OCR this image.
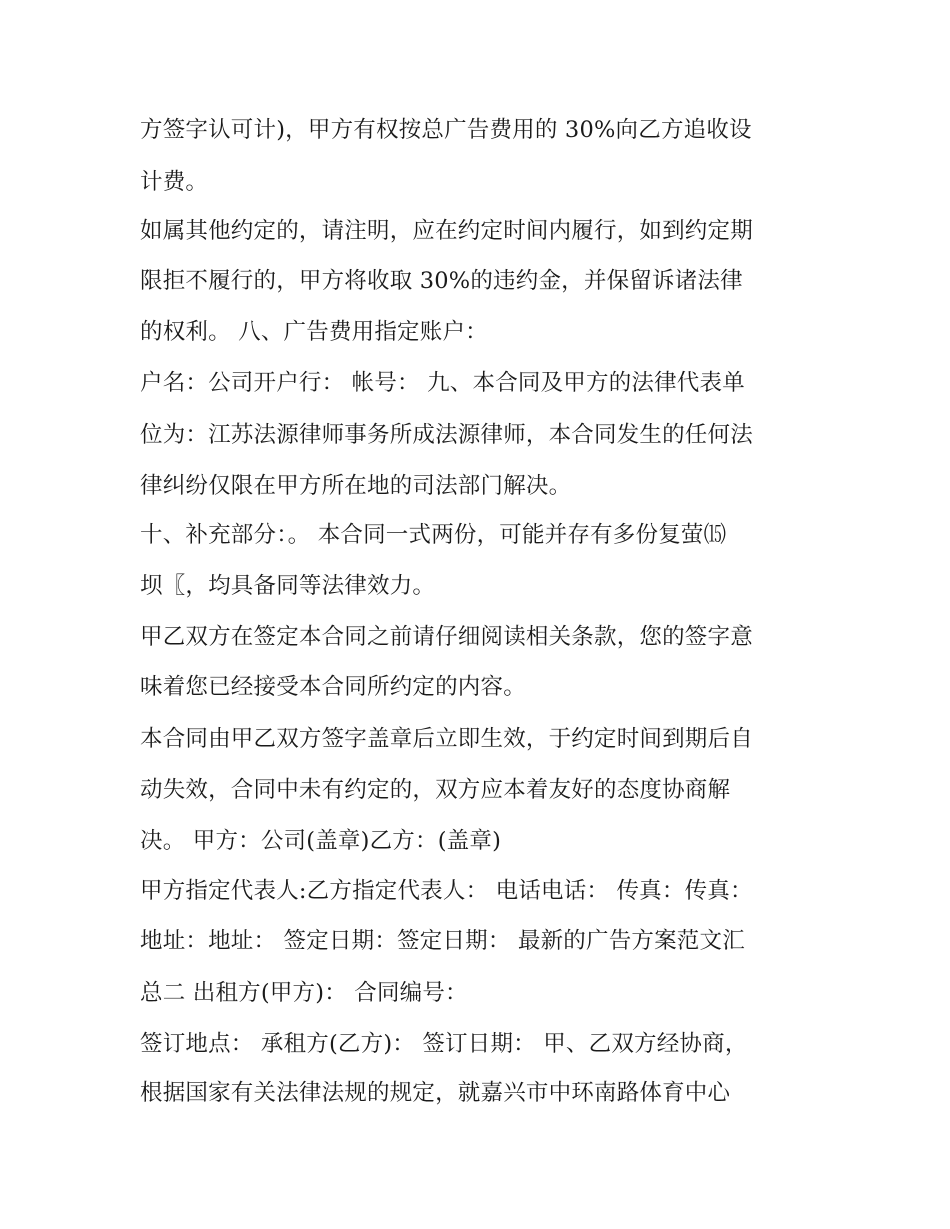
方签字认可计)，甲方有权按总广告费用的 30%向乙方追收设

计费。

如属其他约定的，请注明，应在约定时间内履行，如到约定期

限拒不履行的，甲方将收取 30%的违约金，并保留诉诸法律

的权利。 八、广告费用指定账户：

户名：公司开户行： 帐号： 九、本合同及甲方的法律代表单

位为：江苏法源律师事务所成法源律师，本合同发生的任何法

律纠纷仅限在甲方所在地的司法部门解决。

十、补充部分：。 本合同一式两份，可能并存有多份复萤⒂

坝〖，均具备同等法律效力。

甲乙双方在签定本合同之前请仔细阅读相关条款，您的签字意

味着您已经接受本合同所约定的内容。

本合同由甲乙双方签字盖章后立即生效，于约定时间到期后自

动失效，合同中未有约定的，双方应本着友好的态度协商解

决。 甲方：公司(盖章)乙方：(盖章)

甲方指定代表人:乙方指定代表人： 电话电话： 传真：传真：

地址：地址： 签定日期：签定日期： 最新的广告方案范文汇

总二 出租方(甲方)： 合同编号：

签订地点： 承租方(乙方)： 签订日期： 甲、乙双方经协商，

根据国家有关法律法规的规定，就嘉兴市中环南路体育中心
